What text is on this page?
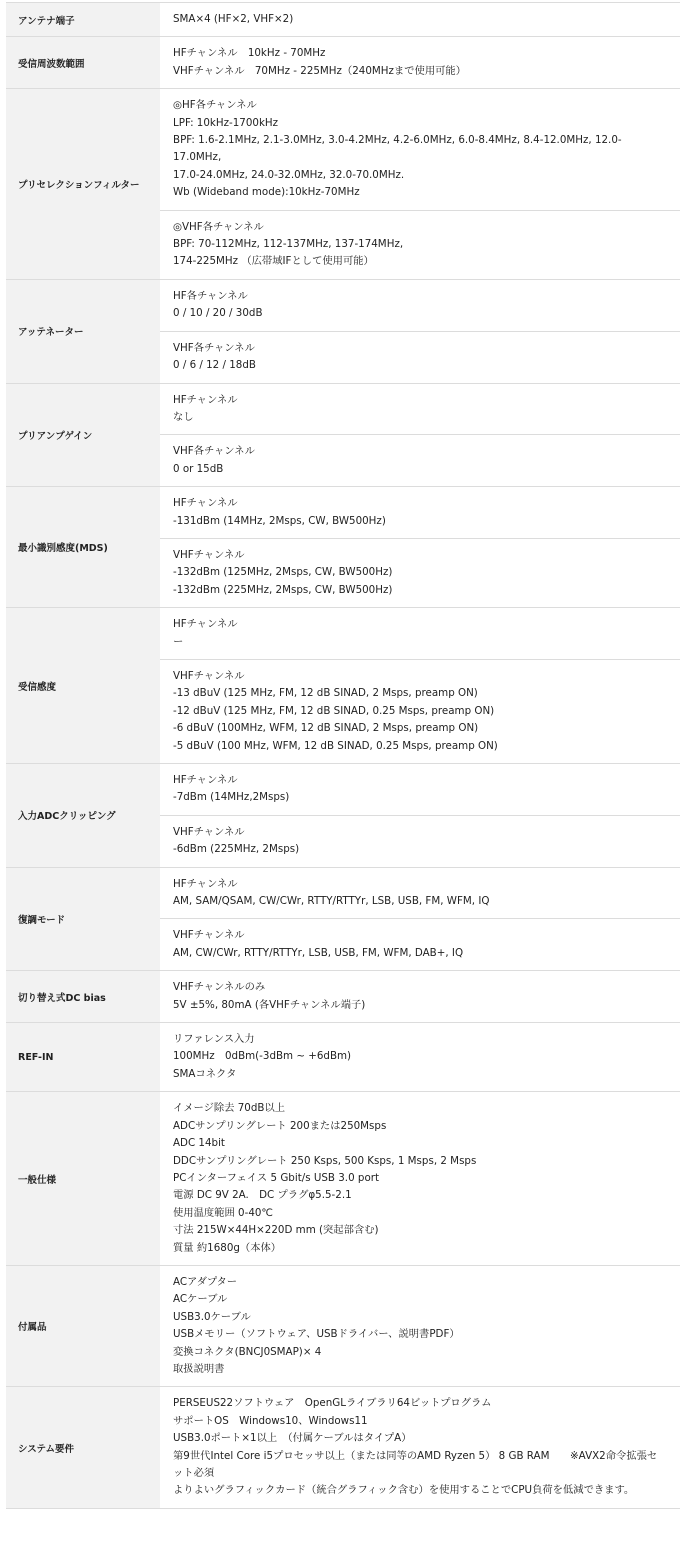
アンテナ端子	SMA×4 (HF×2, VHF×2)
受信周波数範囲
HFチャンネル　10kHz - 70MHz
VHFチャンネル　70MHz - 225MHz（240MHzまで使用可能）
プリセレクションフィルター
◎HF各チャンネル
LPF: 10kHz-1700kHz
BPF: 1.6-2.1MHz, 2.1-3.0MHz, 3.0-4.2MHz, 4.2-6.0MHz, 6.0-8.4MHz, 8.4-12.0MHz, 12.0-17.0MHz,
17.0-24.0MHz, 24.0-32.0MHz, 32.0-70.0MHz.
Wb (Wideband mode):10kHz-70MHz
◎VHF各チャンネル
BPF: 70-112MHz, 112-137MHz, 137-174MHz,
174-225MHz （広帯域IFとして使用可能）
アッテネーター
HF各チャンネル
0 / 10 / 20 / 30dB
VHF各チャンネル
0 / 6 / 12 / 18dB
プリアンプゲイン
HFチャンネル
なし
VHF各チャンネル
0 or 15dB
最小識別感度(MDS)
HFチャンネル
-131dBm (14MHz, 2Msps, CW, BW500Hz)
VHFチャンネル
-132dBm (125MHz, 2Msps, CW, BW500Hz)
-132dBm (225MHz, 2Msps, CW, BW500Hz)
受信感度
HFチャンネル
ー
VHFチャンネル
-13 dBuV (125 MHz, FM, 12 dB SINAD, 2 Msps, preamp ON)
-12 dBuV (125 MHz, FM, 12 dB SINAD, 0.25 Msps, preamp ON)
-6 dBuV (100MHz, WFM, 12 dB SINAD, 2 Msps, preamp ON)
-5 dBuV (100 MHz, WFM, 12 dB SINAD, 0.25 Msps, preamp ON)
入力ADCクリッピング
HFチャンネル
-7dBm (14MHz,2Msps)
VHFチャンネル
-6dBm (225MHz, 2Msps)
復調モード
HFチャンネル
AM, SAM/QSAM, CW/CWr, RTTY/RTTYr, LSB, USB, FM, WFM, IQ
VHFチャンネル
AM, CW/CWr, RTTY/RTTYr, LSB, USB, FM, WFM, DAB+, IQ
切り替え式DC bias
VHFチャンネルのみ
5V ±5%, 80mA (各VHFチャンネル端子)
REF-IN
リファレンス入力
100MHz　0dBm(-3dBm ~ +6dBm)
SMAコネクタ
一般仕様
イメージ除去 70dB以上
ADCサンプリングレート 200または250Msps
ADC 14bit
DDCサンプリングレート 250 Ksps, 500 Ksps, 1 Msps, 2 Msps
PCインターフェイス 5 Gbit/s USB 3.0 port
電源 DC 9V 2A.　DC プラグφ5.5-2.1
使用温度範囲 0-40℃
寸法 215W×44H×220D mm (突起部含む)
質量 約1680g（本体）
付属品
ACアダプター
ACケーブル
USB3.0ケーブル
USBメモリー（ソフトウェア、USBドライバー、説明書PDF）
変換コネクタ(BNCJ0SMAP)× 4
取扱説明書
システム要件
PERSEUS22ソフトウェア　OpenGLライブラリ64ビットプログラム
サポートOS　Windows10、Windows11
USB3.0ポート×1以上　（付属ケーブルはタイプA）
第9世代Intel Core i5プロセッサ以上（または同等のAMD Ryzen 5） 8 GB RAM　　※AVX2命令拡張セット必須
よりよいグラフィックカード（統合グラフィック含む）を使用することでCPU負荷を低減できます。
